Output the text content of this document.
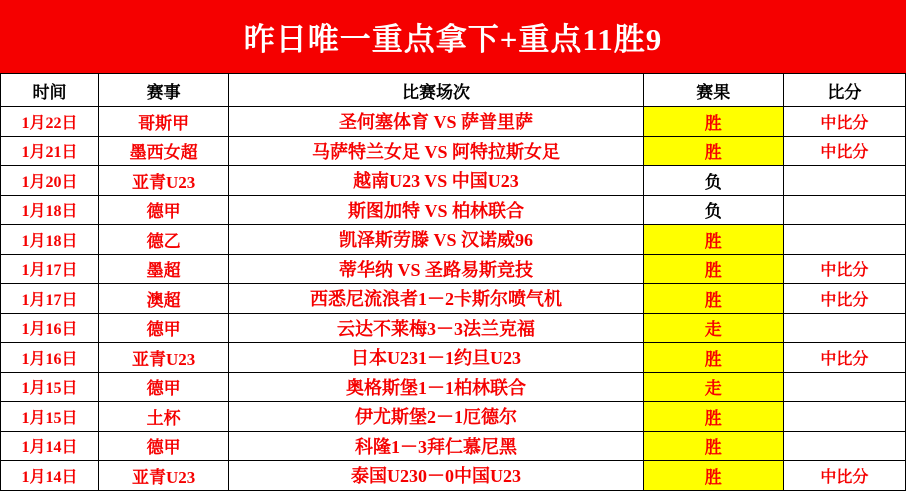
昨日唯一重点拿下+重点11胜9
时间	赛事	比赛场次	赛果	比分
1月22日	哥斯甲	圣何塞体育 VS 萨普里萨	胜	中比分
1月21日	墨西女超	马萨特兰女足 VS 阿特拉斯女足	胜	中比分
1月20日	亚青U23	越南U23 VS 中国U23	负	
1月18日	德甲	斯图加特 VS 柏林联合	负	
1月18日	德乙	凯泽斯劳滕 VS 汉诺威96	胜	
1月17日	墨超	蒂华纳 VS 圣路易斯竞技	胜	中比分
1月17日	澳超	西悉尼流浪者1－2卡斯尔喷气机	胜	中比分
1月16日	德甲	云达不莱梅3－3法兰克福	走	
1月16日	亚青U23	日本U231－1约旦U23	胜	中比分
1月15日	德甲	奥格斯堡1－1柏林联合	走	
1月15日	土杯	伊尤斯堡2－1厄德尔	胜	
1月14日	德甲	科隆1－3拜仁慕尼黑	胜	
1月14日	亚青U23	泰国U230－0中国U23	胜	中比分
